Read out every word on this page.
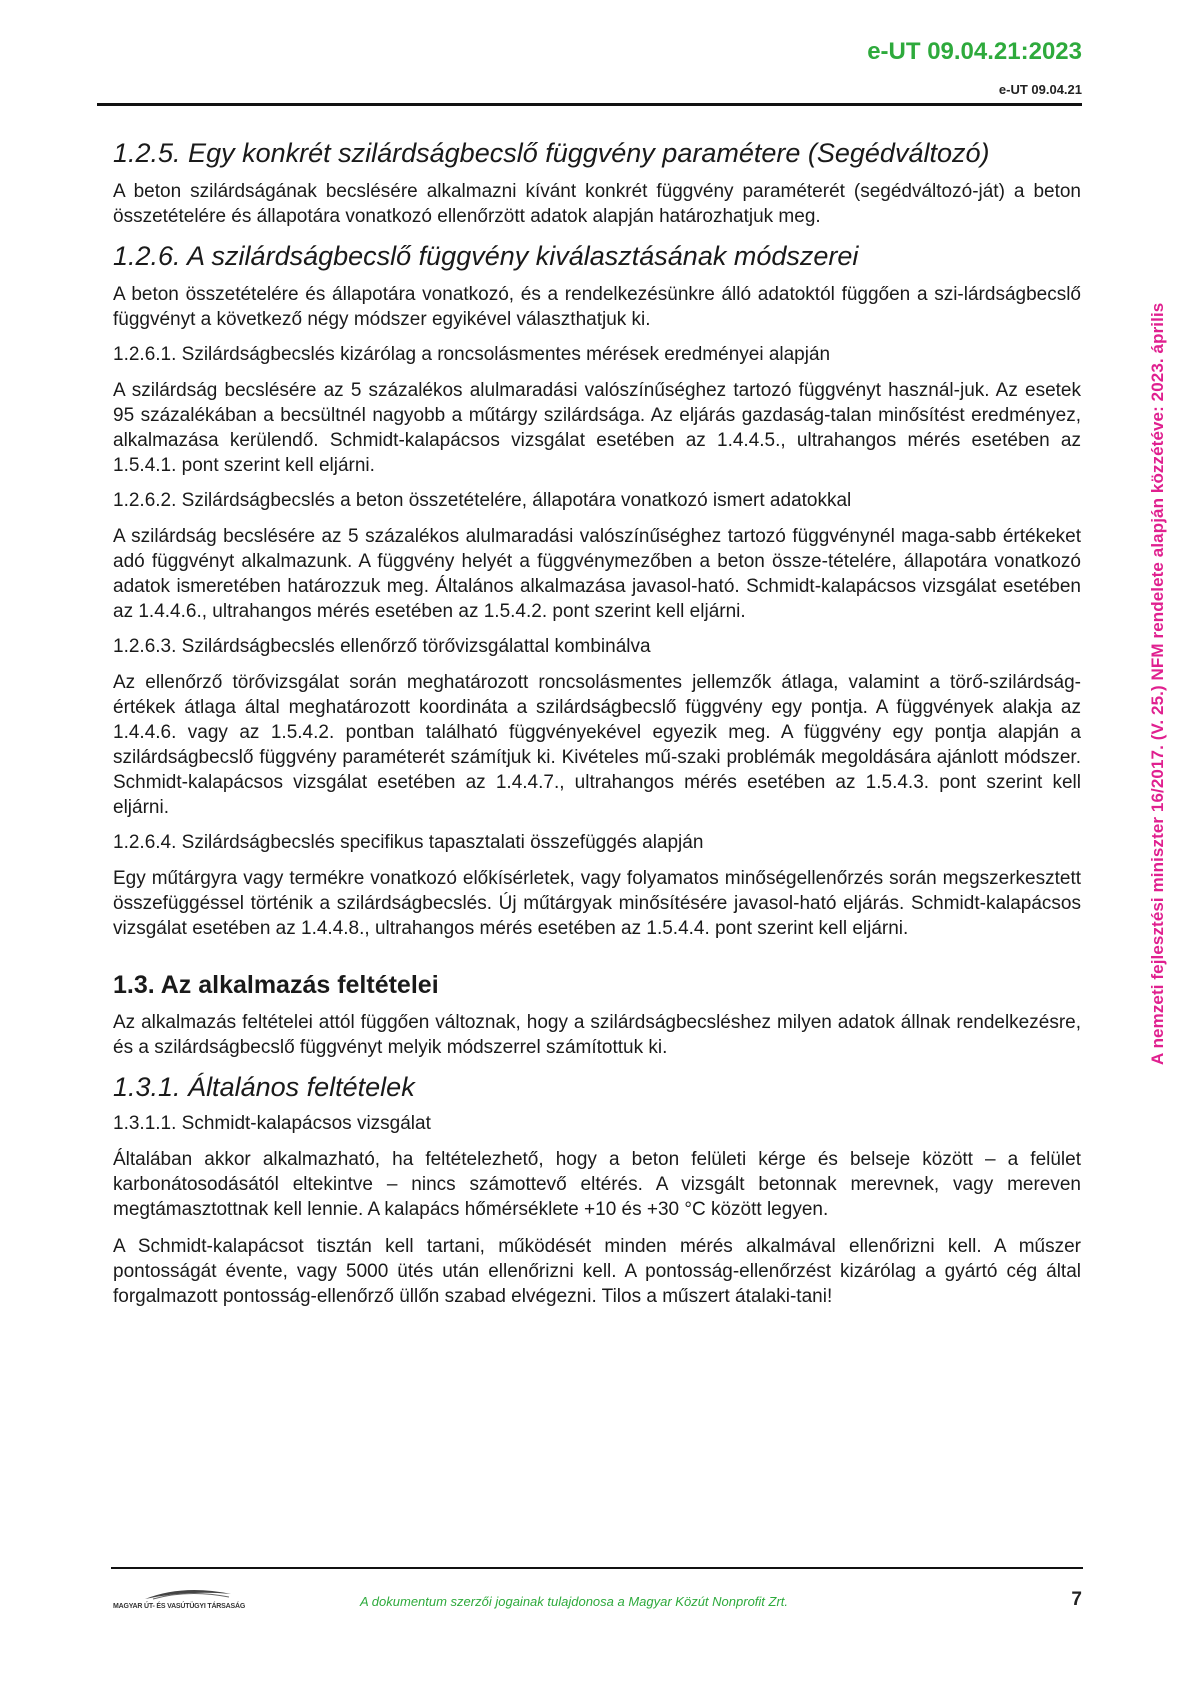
e-UT 09.04.21:2023
e-UT 09.04.21
A nemzeti fejlesztési miniszter 16/2017. (V. 25.) NFM rendelete alapján közzétéve: 2023. április
1.2.5. Egy konkrét szilárdságbecslő függvény paramétere (Segédváltozó)

A beton szilárdságának becslésére alkalmazni kívánt konkrét függvény paraméterét (segédváltozó-ját) a beton összetételére és állapotára vonatkozó ellenőrzött adatok alapján határozhatjuk meg.

1.2.6. A szilárdságbecslő függvény kiválasztásának módszerei

A beton összetételére és állapotára vonatkozó, és a rendelkezésünkre álló adatoktól függően a szi-lárdságbecslő függvényt a következő négy módszer egyikével választhatjuk ki.

1.2.6.1. Szilárdságbecslés kizárólag a roncsolásmentes mérések eredményei alapján

A szilárdság becslésére az 5 százalékos alulmaradási valószínűséghez tartozó függvényt használ-juk. Az esetek 95 százalékában a becsültnél nagyobb a műtárgy szilárdsága. Az eljárás gazdaság-talan minősítést eredményez, alkalmazása kerülendő. Schmidt-kalapácsos vizsgálat esetében az 1.4.4.5., ultrahangos mérés esetében az 1.5.4.1. pont szerint kell eljárni.

1.2.6.2. Szilárdságbecslés a beton összetételére, állapotára vonatkozó ismert adatokkal

A szilárdság becslésére az 5 százalékos alulmaradási valószínűséghez tartozó függvénynél maga-sabb értékeket adó függvényt alkalmazunk. A függvény helyét a függvénymezőben a beton össze-tételére, állapotára vonatkozó adatok ismeretében határozzuk meg. Általános alkalmazása javasol-ható. Schmidt-kalapácsos vizsgálat esetében az 1.4.4.6., ultrahangos mérés esetében az 1.5.4.2. pont szerint kell eljárni.

1.2.6.3. Szilárdságbecslés ellenőrző törővizsgálattal kombinálva

Az ellenőrző törővizsgálat során meghatározott roncsolásmentes jellemzők átlaga, valamint a törő-szilárdság-értékek átlaga által meghatározott koordináta a szilárdságbecslő függvény egy pontja. A függvények alakja az 1.4.4.6. vagy az 1.5.4.2. pontban található függvényekével egyezik meg. A függvény egy pontja alapján a szilárdságbecslő függvény paraméterét számítjuk ki. Kivételes mű-szaki problémák megoldására ajánlott módszer. Schmidt-kalapácsos vizsgálat esetében az 1.4.4.7., ultrahangos mérés esetében az 1.5.4.3. pont szerint kell eljárni.

1.2.6.4. Szilárdságbecslés specifikus tapasztalati összefüggés alapján

Egy műtárgyra vagy termékre vonatkozó előkísérletek, vagy folyamatos minőségellenőrzés során megszerkesztett összefüggéssel történik a szilárdságbecslés. Új műtárgyak minősítésére javasol-ható eljárás. Schmidt-kalapácsos vizsgálat esetében az 1.4.4.8., ultrahangos mérés esetében az 1.5.4.4. pont szerint kell eljárni.

1.3. Az alkalmazás feltételei

Az alkalmazás feltételei attól függően változnak, hogy a szilárdságbecsléshez milyen adatok állnak rendelkezésre, és a szilárdságbecslő függvényt melyik módszerrel számítottuk ki.

1.3.1. Általános feltételek
1.3.1.1. Schmidt-kalapácsos vizsgálat

Általában akkor alkalmazható, ha feltételezhető, hogy a beton felületi kérge és belseje között – a felület karbonátosodásától eltekintve – nincs számottevő eltérés. A vizsgált betonnak merevnek, vagy mereven megtámasztottnak kell lennie. A kalapács hőmérséklete +10 és +30 °C között legyen.

A Schmidt-kalapácsot tisztán kell tartani, működését minden mérés alkalmával ellenőrizni kell. A műszer pontosságát évente, vagy 5000 ütés után ellenőrizni kell. A pontosság-ellenőrzést kizárólag a gyártó cég által forgalmazott pontosság-ellenőrző üllőn szabad elvégezni. Tilos a műszert átalaki-tani!

MAGYAR ÚT- ÉS VASÚTÜGYI TÁRSASÁG	A dokumentum szerzői jogainak tulajdonosa a Magyar Közút Nonprofit Zrt.	7
